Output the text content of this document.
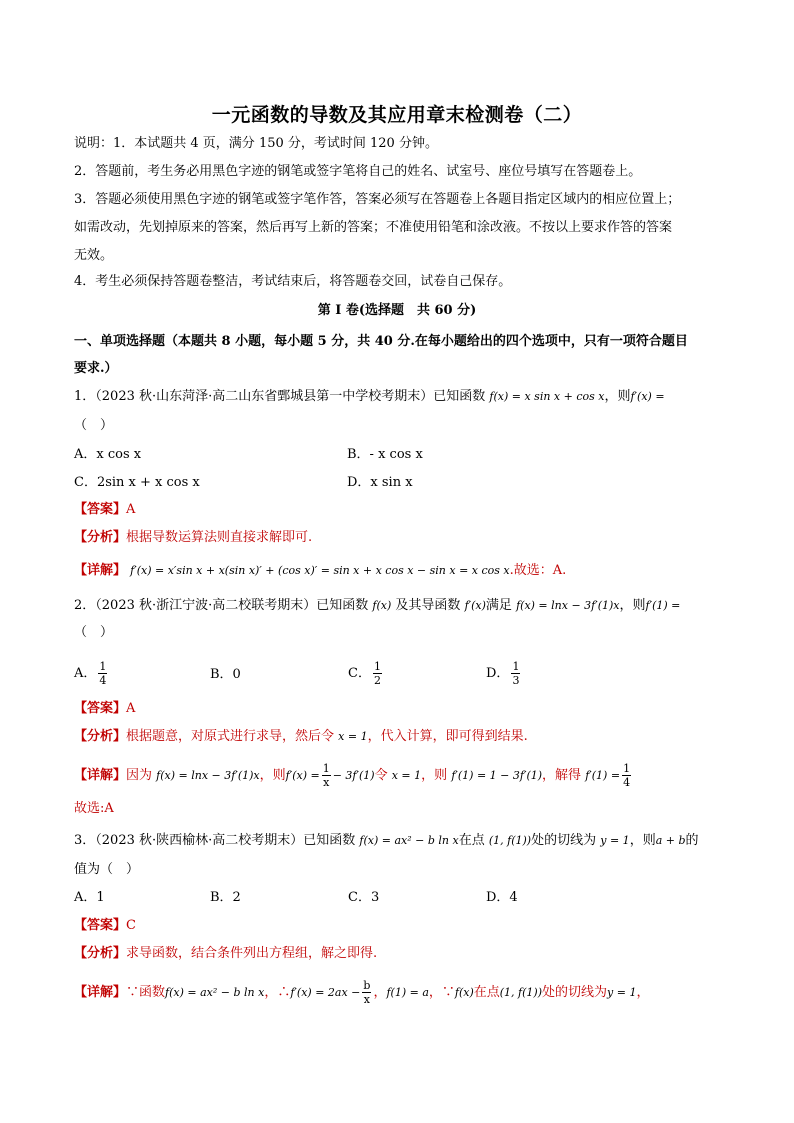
一元函数的导数及其应用章末检测卷（二）
说明：1．本试题共 4 页，满分 150 分，考试时间 120 分钟。
2．答题前，考生务必用黑色字迹的钢笔或签字笔将自己的姓名、试室号、座位号填写在答题卷上。
3．答题必须使用黑色字迹的钢笔或签字笔作答，答案必须写在答题卷上各题目指定区域内的相应位置上；
如需改动，先划掉原来的答案，然后再写上新的答案；不准使用铅笔和涂改液。不按以上要求作答的答案
无效。
4．考生必须保持答题卷整洁，考试结束后，将答题卷交回，试卷自己保存。
第 I 卷(选择题　共 60 分)
一、单项选择题（本题共 8 小题，每小题 5 分，共 40 分.在每小题给出的四个选项中，只有一项符合题目
要求.）
1．（2023 秋·山东菏泽·高二山东省鄄城县第一中学校考期末）已知函数 f(x) = x sin x + cos x，则f′(x) =
（　）
A．x cos x	B．- x cos x
C．2sin x + x cos x	D．x sin x
【答案】A
【分析】根据导数运算法则直接求解即可.
【详解】 f′(x) = x′sin x + x(sin x)′ + (cos x)′ = sin x + x cos x − sin x = x cos x.故选：A.
2．（2023 秋·浙江宁波·高二校联考期末）已知函数 f(x) 及其导函数 f′(x)满足 f(x) = lnx − 3f′(1)x，则f′(1) =
（　）
A． $\frac{1}{4}$	B．0	C． $\frac{1}{2}$	D． $\frac{1}{3}$
【答案】A
【分析】根据题意，对原式进行求导，然后令 x = 1，代入计算，即可得到结果.
【详解】因为 f(x) = lnx − 3f′(1)x，则$f'(x) = \frac{1}{x} - 3f'(1)$令 x = 1，则 f′(1) = 1 − 3f′(1)，解得 $f'(1) = \frac{1}{4}$
故选:A
3．（2023 秋·陕西榆林·高二校考期末）已知函数 f(x) = ax² − b ln x在点 (1, f(1))处的切线为 y = 1，则a + b的
值为（　）
A．1	B．2	C．3	D．4
【答案】C
【分析】求导函数，结合条件列出方程组，解之即得.
【详解】∵函数f(x) = ax² − b ln x，∴f′(x) = $2ax - \frac{b}{x}$ ，f(1) = a，∵f(x)在点(1, f(1))处的切线为y = 1，
